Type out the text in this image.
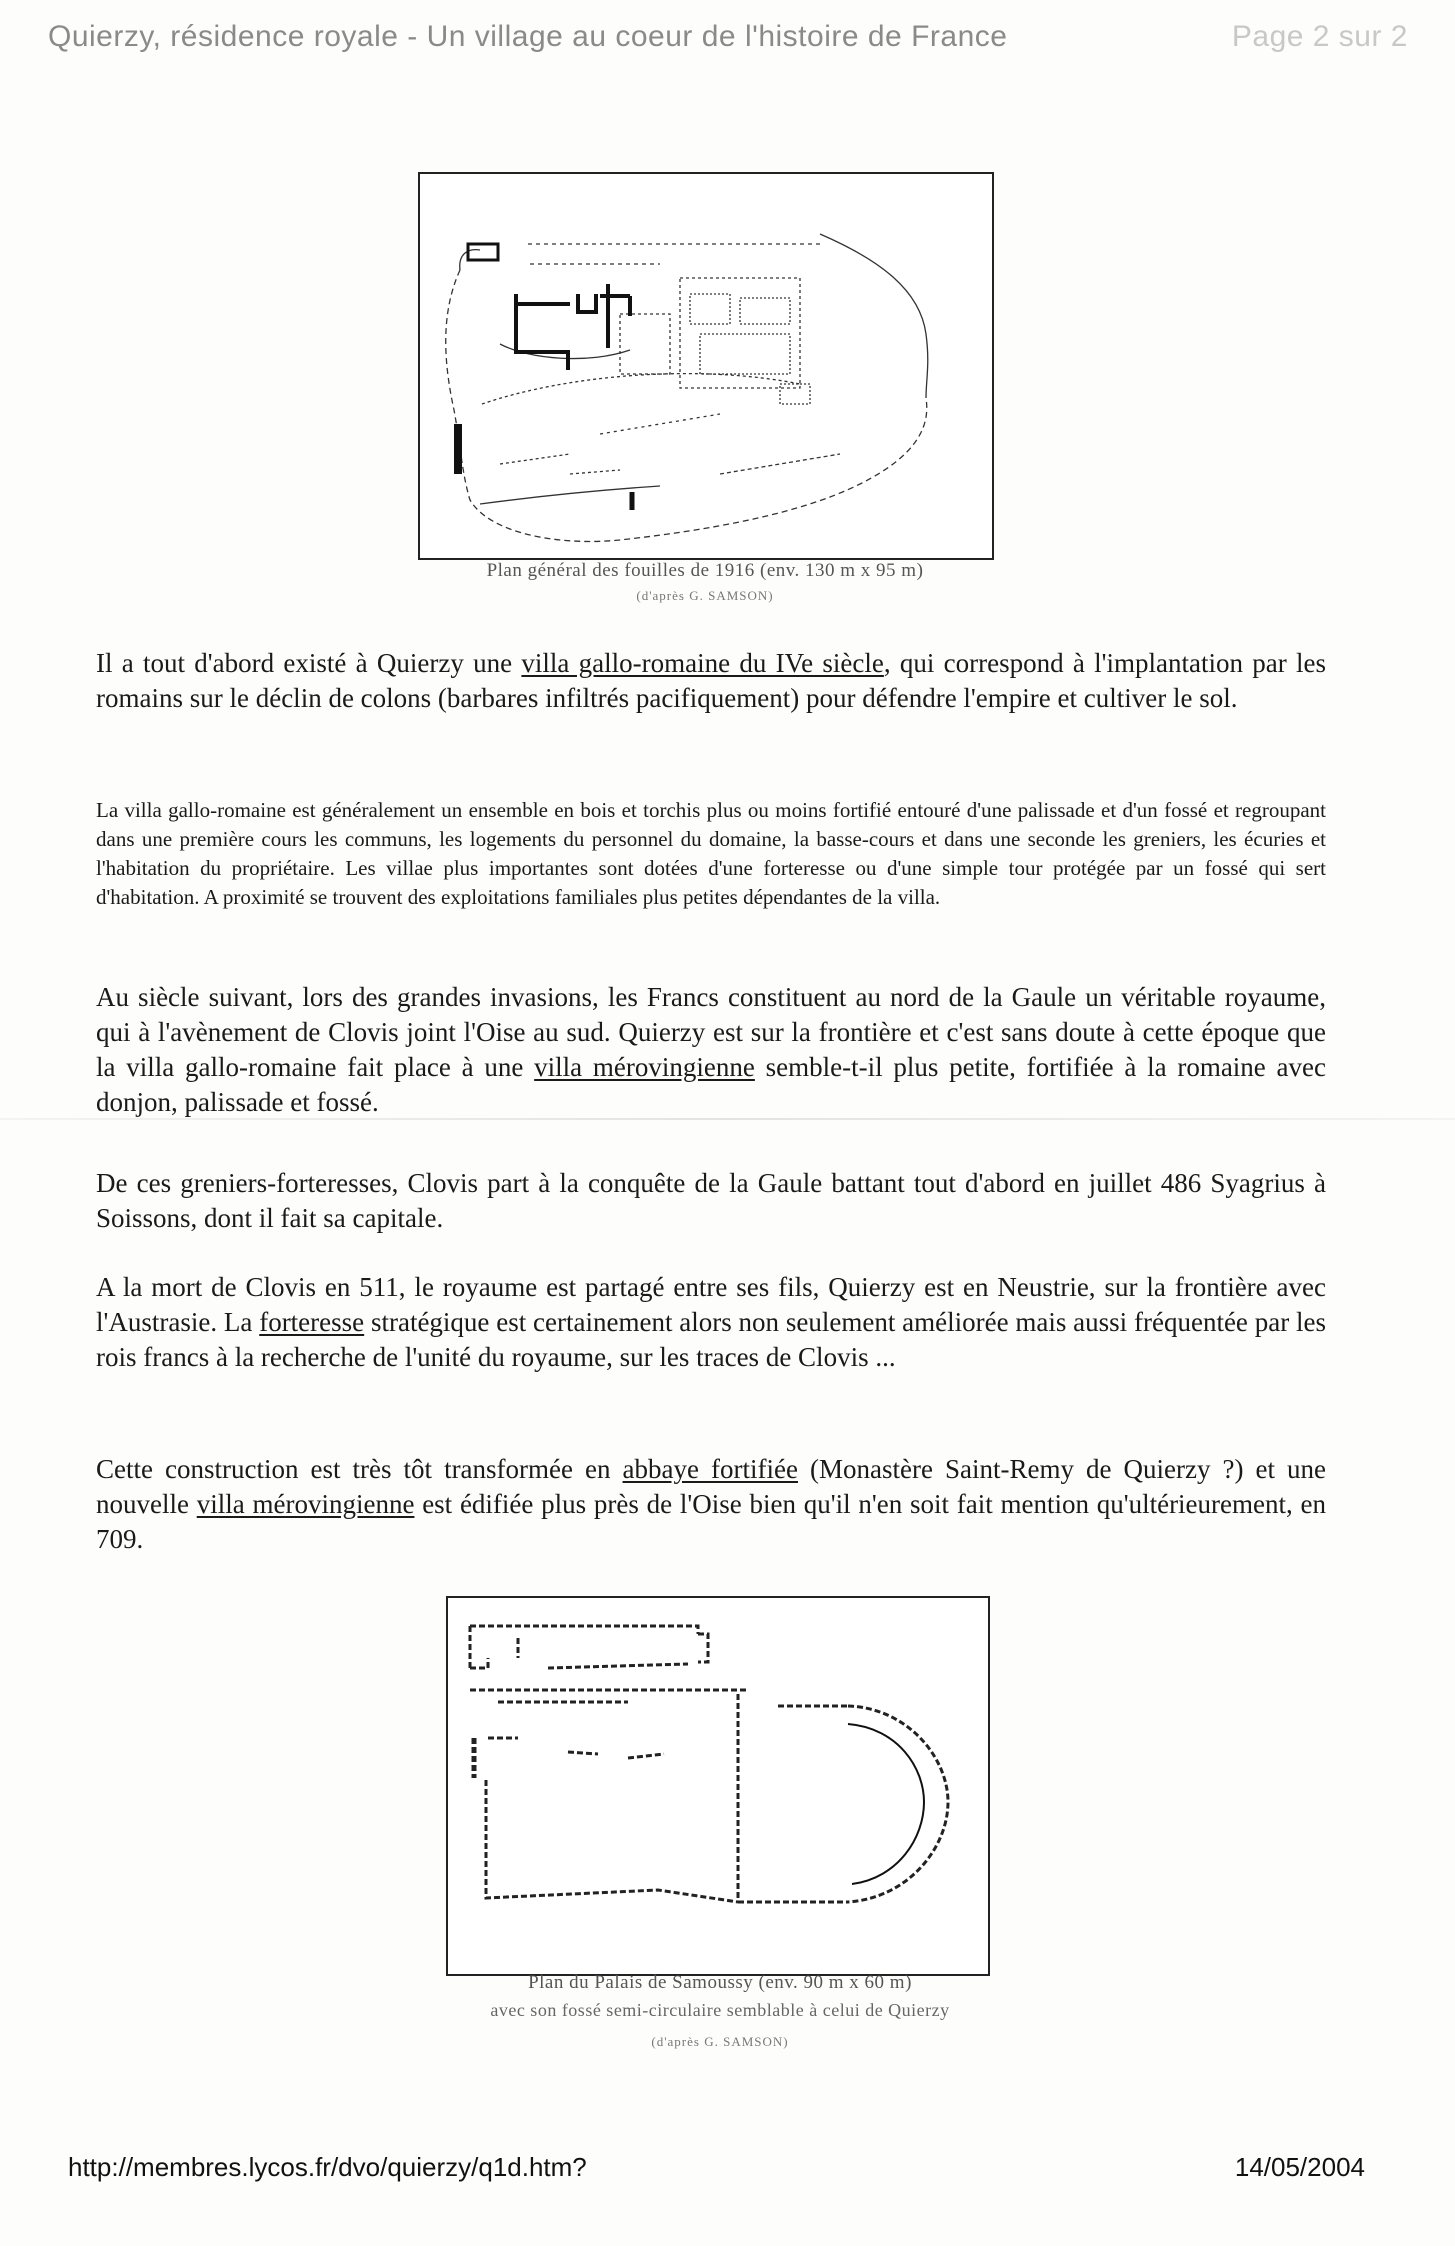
Quierzy, résidence royale - Un village au coeur de l'histoire de France	Page 2 sur 2
Plan général des fouilles de 1916 (env. 130 m x 95 m)
(d'après G. SAMSON)

Il a tout d'abord existé à Quierzy une villa gallo-romaine du IVe siècle, qui correspond à l'implantation par les romains sur le déclin de colons (barbares infiltrés pacifiquement) pour défendre l'empire et cultiver le sol.

La villa gallo-romaine est généralement un ensemble en bois et torchis plus ou moins fortifié entouré d'une palissade et d'un fossé et regroupant dans une première cours les communs, les logements du personnel du domaine, la basse-cours et dans une seconde les greniers, les écuries et l'habitation du propriétaire. Les villae plus importantes sont dotées d'une forteresse ou d'une simple tour protégée par un fossé qui sert d'habitation. A proximité se trouvent des exploitations familiales plus petites dépendantes de la villa.

Au siècle suivant, lors des grandes invasions, les Francs constituent au nord de la Gaule un véritable royaume, qui à l'avènement de Clovis joint l'Oise au sud. Quierzy est sur la frontière et c'est sans doute à cette époque que la villa gallo-romaine fait place à une villa mérovingienne semble-t-il plus petite, fortifiée à la romaine avec donjon, palissade et fossé.

De ces greniers-forteresses, Clovis part à la conquête de la Gaule battant tout d'abord en juillet 486 Syagrius à Soissons, dont il fait sa capitale.

A la mort de Clovis en 511, le royaume est partagé entre ses fils, Quierzy est en Neustrie, sur la frontière avec l'Austrasie. La forteresse stratégique est certainement alors non seulement améliorée mais aussi fréquentée par les rois francs à la recherche de l'unité du royaume, sur les traces de Clovis ...

Cette construction est très tôt transformée en abbaye fortifiée (Monastère Saint-Remy de Quierzy ?) et une nouvelle villa mérovingienne est édifiée plus près de l'Oise bien qu'il n'en soit fait mention qu'ultérieurement, en 709.

Plan du Palais de Samoussy (env. 90 m x 60 m)
avec son fossé semi-circulaire semblable à celui de Quierzy
(d'après G. SAMSON)
http://membres.lycos.fr/dvo/quierzy/q1d.htm?	14/05/2004
